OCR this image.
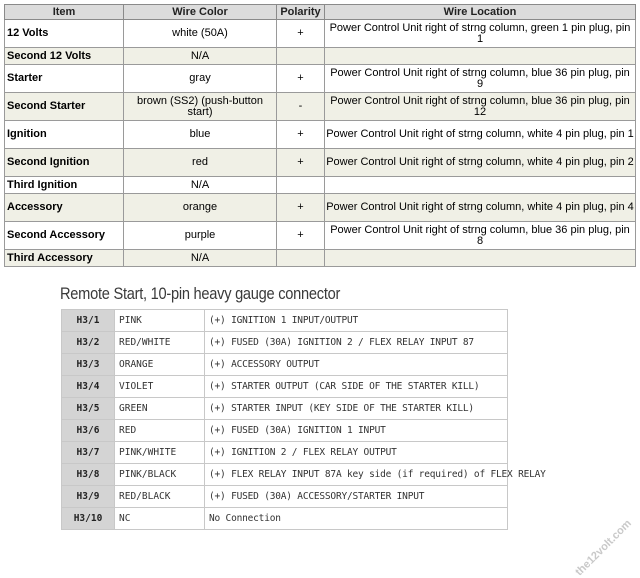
Item	Wire Color	Polarity	Wire Location
12 Volts	white (50A)	+	Power Control Unit right of strng column, green 1 pin plug, pin 1
Second 12 Volts	N/A		
Starter	gray	+	Power Control Unit right of strng column, blue 36 pin plug, pin 9
Second Starter	brown (SS2) (push-button start)	-	Power Control Unit right of strng column, blue 36 pin plug, pin 12
Ignition	blue	+	Power Control Unit right of strng column, white 4 pin plug, pin 1
Second Ignition	red	+	Power Control Unit right of strng column, white 4 pin plug, pin 2
Third Ignition	N/A		
Accessory	orange	+	Power Control Unit right of strng column, white 4 pin plug, pin 4
Second Accessory	purple	+	Power Control Unit right of strng column, blue 36 pin plug, pin 8
Third Accessory	N/A		
Remote Start, 10-pin heavy gauge connector
H3/1	PINK	(+) IGNITION 1 INPUT/OUTPUT
H3/2	RED/WHITE	(+) FUSED (30A) IGNITION 2 / FLEX RELAY INPUT 87
H3/3	ORANGE	(+) ACCESSORY OUTPUT
H3/4	VIOLET	(+) STARTER OUTPUT (CAR SIDE OF THE STARTER KILL)
H3/5	GREEN	(+) STARTER INPUT (KEY SIDE OF THE STARTER KILL)
H3/6	RED	(+) FUSED (30A) IGNITION 1 INPUT
H3/7	PINK/WHITE	(+) IGNITION 2 / FLEX RELAY OUTPUT
H3/8	PINK/BLACK	(+) FLEX RELAY INPUT 87A key side (if required) of FLEX RELAY
H3/9	RED/BLACK	(+) FUSED (30A) ACCESSORY/STARTER INPUT
H3/10	NC	No Connection	the12volt.com
